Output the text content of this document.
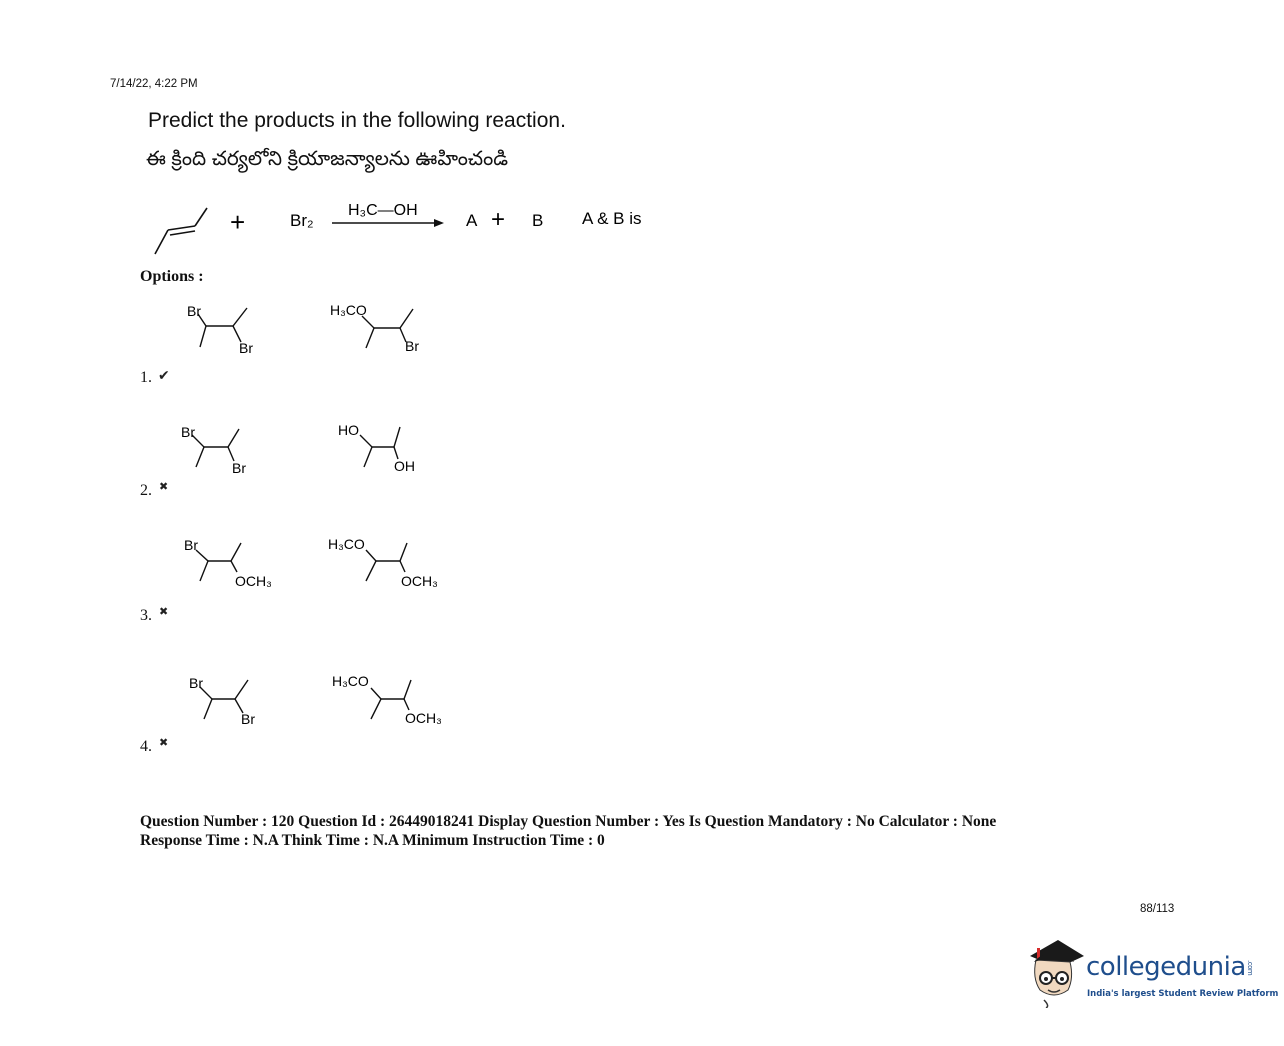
7/14/22, 4:22 PM
Predict the products in the following reaction.
ఈ క్రింది చర్యలోని క్రియాజన్యాలను ఊహించండి
+	Br₂
H₃C—OH
A + B A & B is
Options :
Br
Br
H₃CO
Br
1. ✔
Br
Br
HO
OH
2. ✖
Br
OCH₃
H₃CO
OCH₃
3. ✖
Br
Br
H₃CO
OCH₃
4. ✖
Question Number : 120 Question Id : 26449018241 Display Question Number : Yes Is Question Mandatory : No Calculator : None
Response Time : N.A Think Time : N.A Minimum Instruction Time : 0
88/113
collegedunia.com
India's largest Student Review Platform
